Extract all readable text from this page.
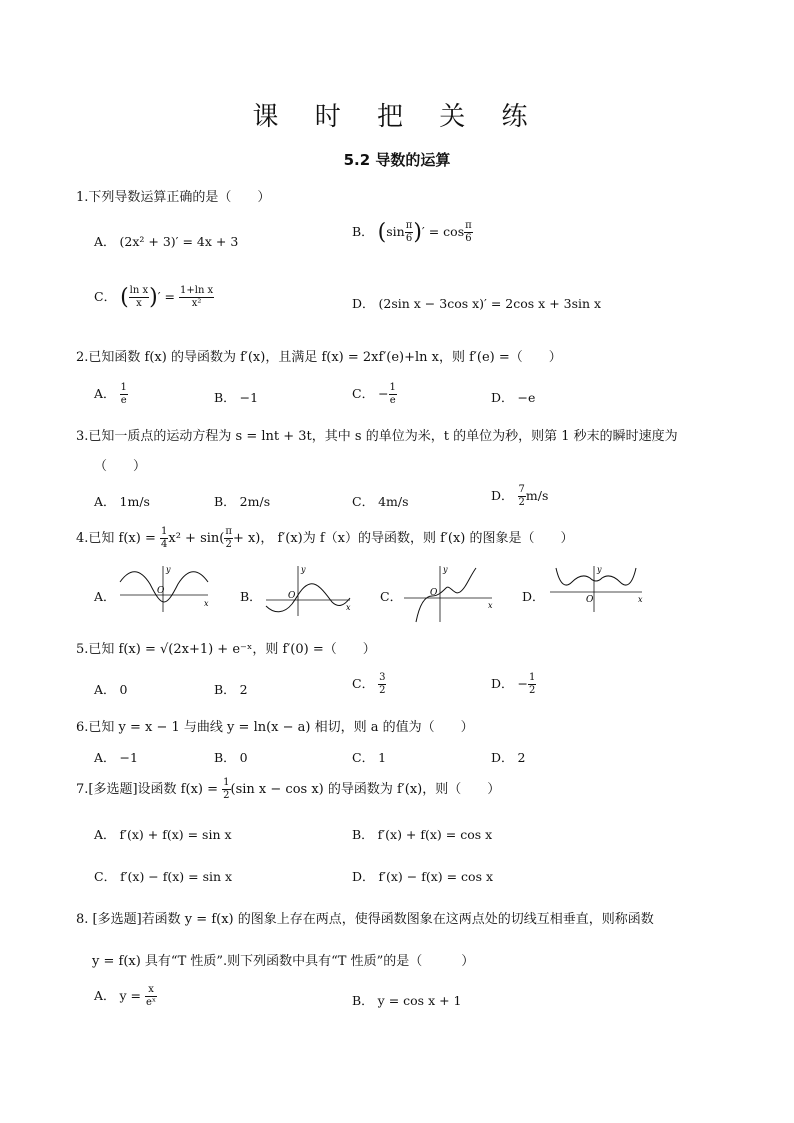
课 时 把 关 练
5.2 导数的运算
1.下列导数运算正确的是（　　）
A． (2x² + 3)′ = 4x + 3
B． ($\sin \frac{\pi}{6}$ )′ = $\cos \frac{\pi}{6}$
C． ( $\frac{\text{ln x}}{x}$ )′ = $\frac{\text{1+ln x}}{\text{x²}}$	D． (2sin x − 3cos x)′ = 2cos x + 3sin x
2.已知函数 f(x) 的导函数为 f′(x)，且满足 f(x) = 2xf′(e)+ln x，则 f′(e) =（　　）
A． $\frac{1}{e}$	B． −1	C． − $\frac{1}{e}$	D． −e
3.已知一质点的运动方程为 s = lnt + 3t，其中 s 的单位为米，t 的单位为秒，则第 1 秒末的瞬时速度为
（　　）
A． 1m/s	B． 2m/s	C． 4m/s	D． $\frac{7}{2} m/s$
4.已知 $f(x) = \frac{1}{4} x^2 + \sin( \frac{\pi}{2} + x)$， f′(x)为 f（x）的导函数，则 f′(x) 的图象是（　　）
A．	x
y
O	B．
x
y
O	C．
x
y
O	D．	x
y
O
5.已知 f(x) = √(2x+1) + e⁻ˣ，则 f′(0) =（　　）
A． 0	B． 2	C． $\frac{3}{2}$	D． − $\frac{1}{2}$
6.已知 y = x − 1 与曲线 y = ln(x − a) 相切，则 a 的值为（　　）
A． −1	B． 0	C． 1	D． 2
7.[多选题]设函数 $f(x) = \frac{1}{2} (\sin$ x − cos x) 的导函数为 f′(x)，则（　　）
A． f′(x) + f(x) = sin x	B． f′(x) + f(x) = cos x
C． f′(x) − f(x) = sin x	D． f′(x) − f(x) = cos x
8. [多选题]若函数 y = f(x) 的图象上存在两点，使得函数图象在这两点处的切线互相垂直，则称函数
y = f(x) 具有“T 性质”.则下列函数中具有“T 性质”的是（　　　）
A． $y = \frac{x}{\text{eˣ}}$	B． y = cos x + 1
